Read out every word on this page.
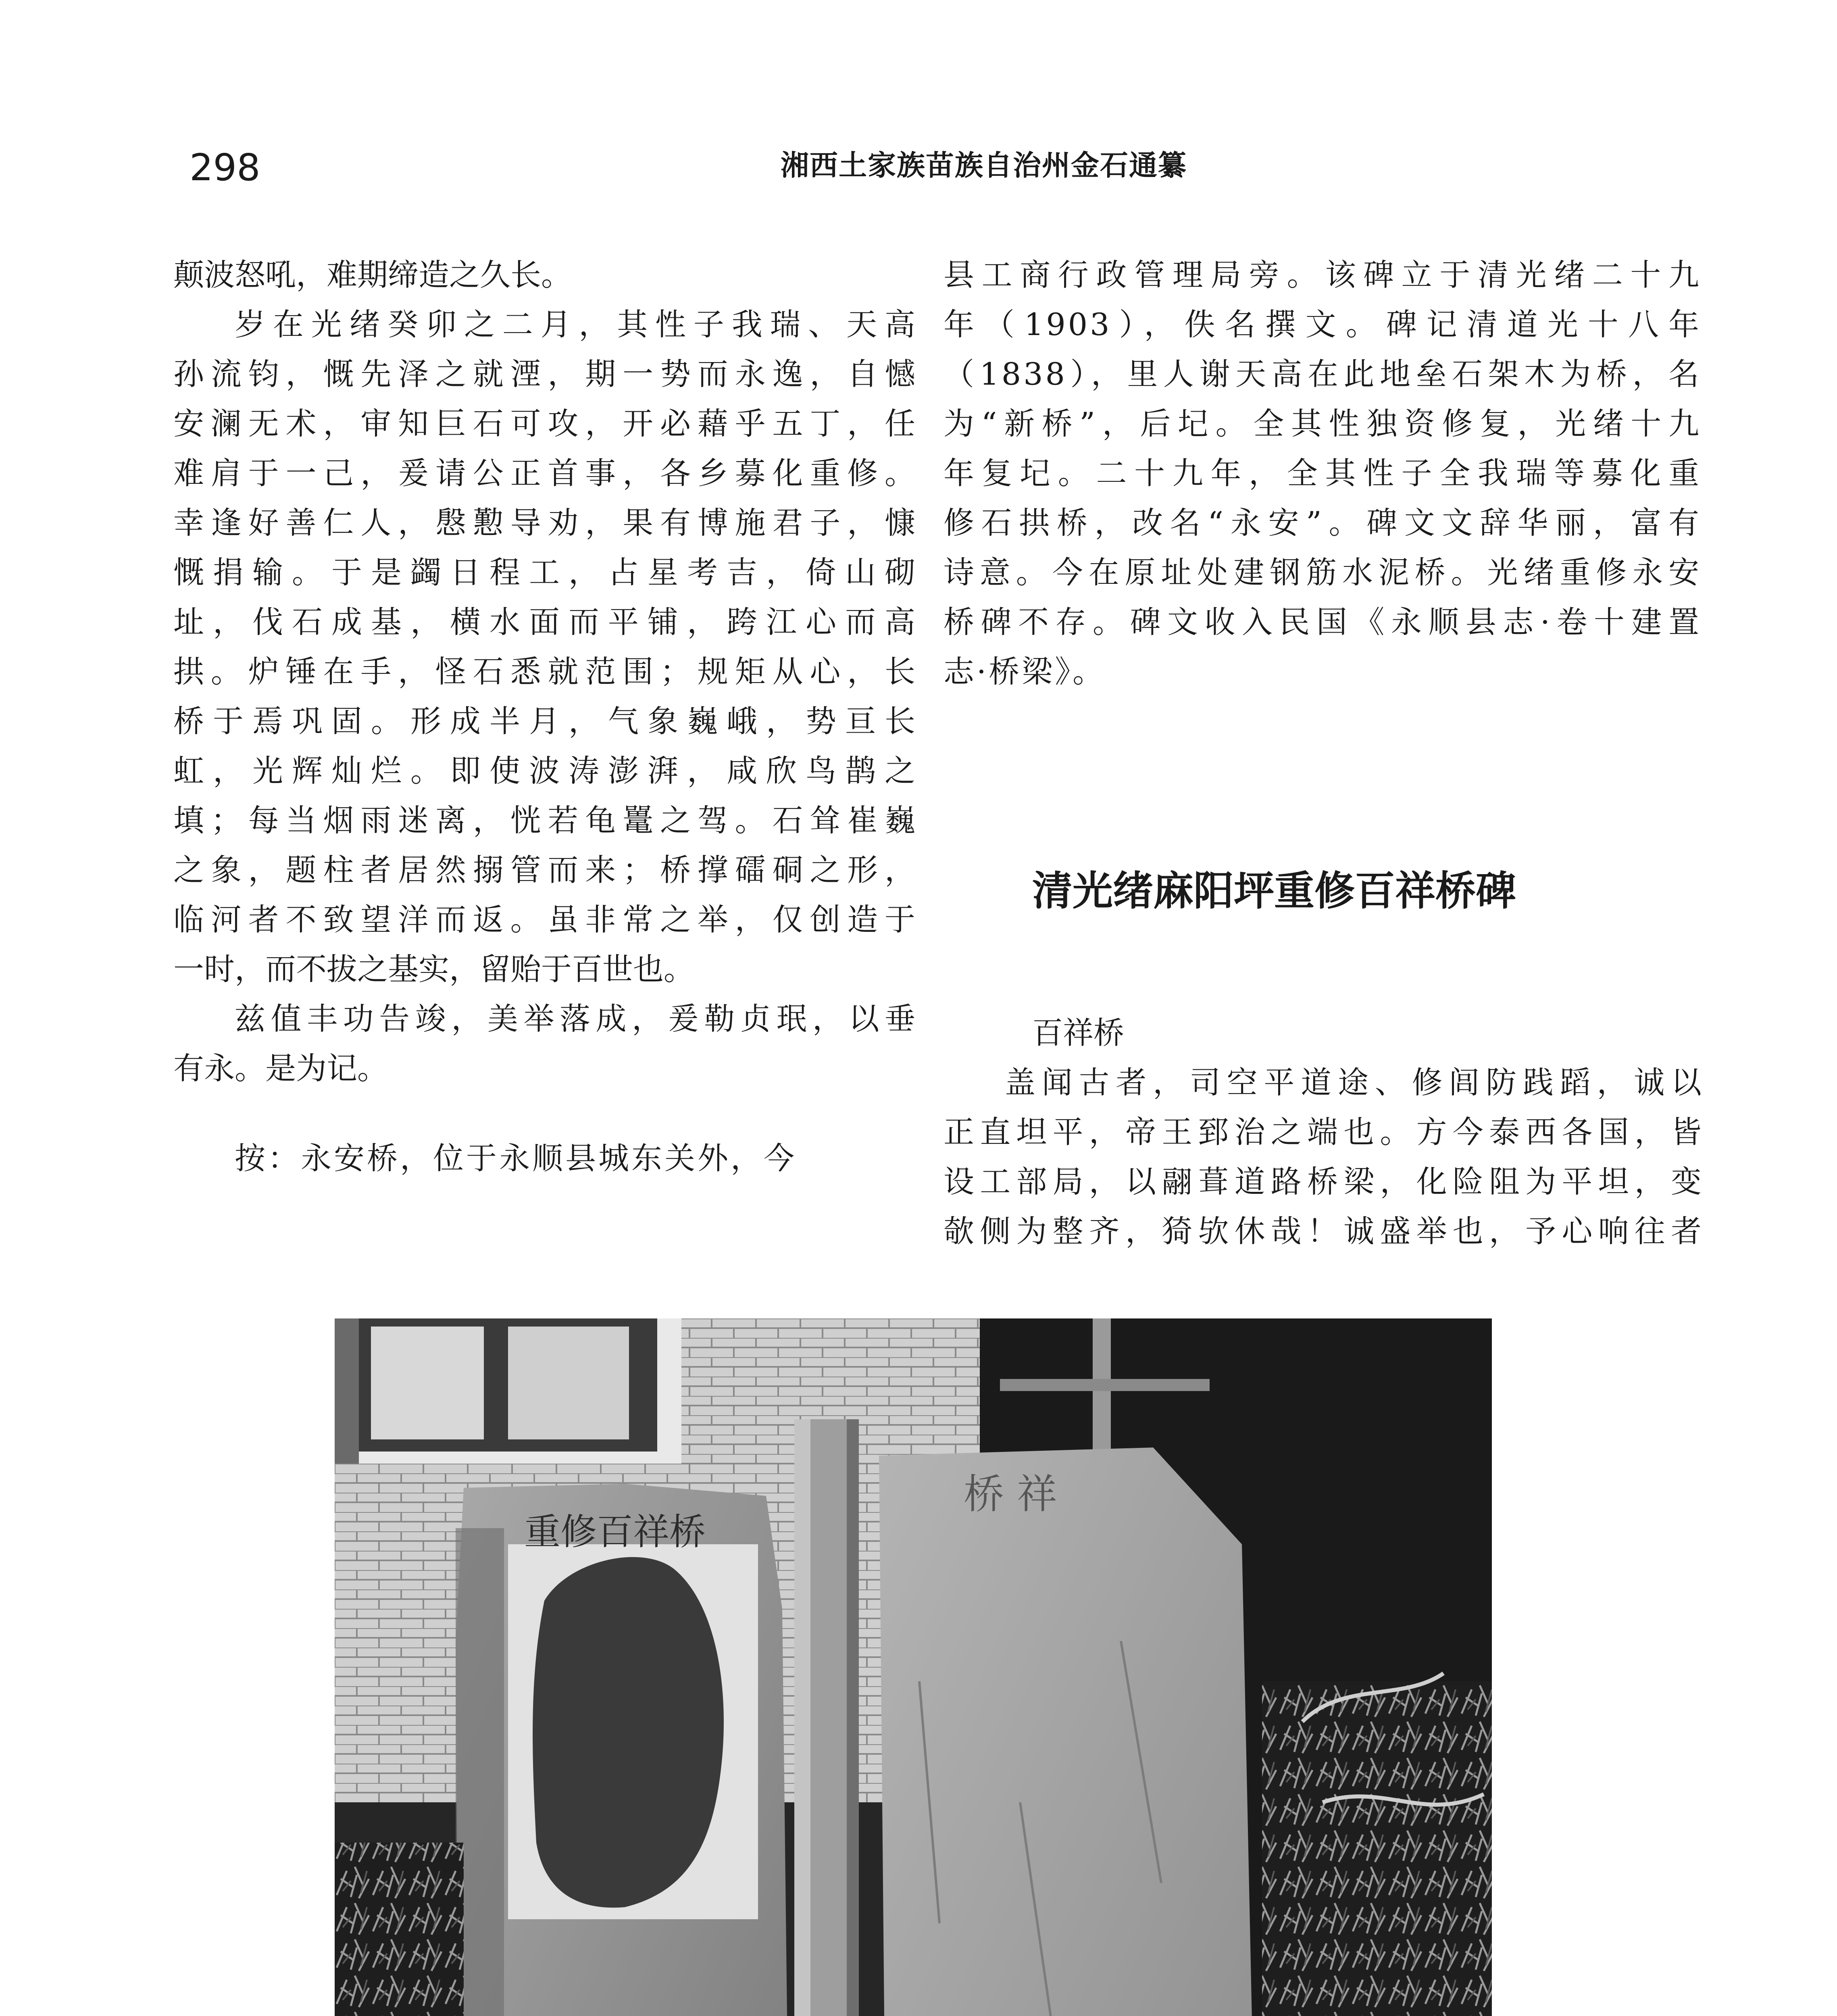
298	湘西土家族苗族自治州金石通纂
颠波怒吼，难期缔造之久长。
岁在光绪癸卯之二月，其性子我瑞、天高
孙流钧，慨先泽之就湮，期一势而永逸，自憾
安澜无术，审知巨石可攻，开必藉乎五丁，任
难肩于一己，爰请公正首事，各乡募化重修。
幸逢好善仁人，慇懃导劝，果有博施君子，慷
慨捐输。于是蠲日程工，占星考吉，倚山砌
址，伐石成基，横水面而平铺，跨江心而高
拱。炉锤在手，怪石悉就范围；规矩从心，长
桥于焉巩固。形成半月，气象巍峨，势亘长
虹，光辉灿烂。即使波涛澎湃，咸欣鸟鹊之
填；每当烟雨迷离，恍若龟鼍之驾。石耸崔巍
之象，题柱者居然搦管而来；桥撑礌硐之形，
临河者不致望洋而返。虽非常之举，仅创造于
一时，而不拔之基实，留贻于百世也。
兹值丰功告竣，美举落成，爰勒贞珉，以垂
有永。是为记。
按：永安桥，位于永顺县城东关外，今
县工商行政管理局旁。该碑立于清光绪二十九
年（1903），佚名撰文。碑记清道光十八年
（1838），里人谢天高在此地垒石架木为桥，名
为“新桥”，后圮。全其性独资修复，光绪十九
年复圮。二十九年，全其性子全我瑞等募化重
修石拱桥，改名“永安”。碑文文辞华丽，富有
诗意。今在原址处建钢筋水泥桥。光绪重修永安
桥碑不存。碑文收入民国《永顺县志·卷十建置
志·桥梁》。
清光绪麻阳坪重修百祥桥碑
百祥桥
盖闻古者，司空平道途、修闾防践蹈，诚以
正直坦平，帝王郅治之端也。方今泰西各国，皆
设工部局，以翮葺道路桥梁，化险阻为平坦，变
欹侧为整齐，猗欤休哉！诚盛举也，予心响往者
重修百祥桥
桥 祥
